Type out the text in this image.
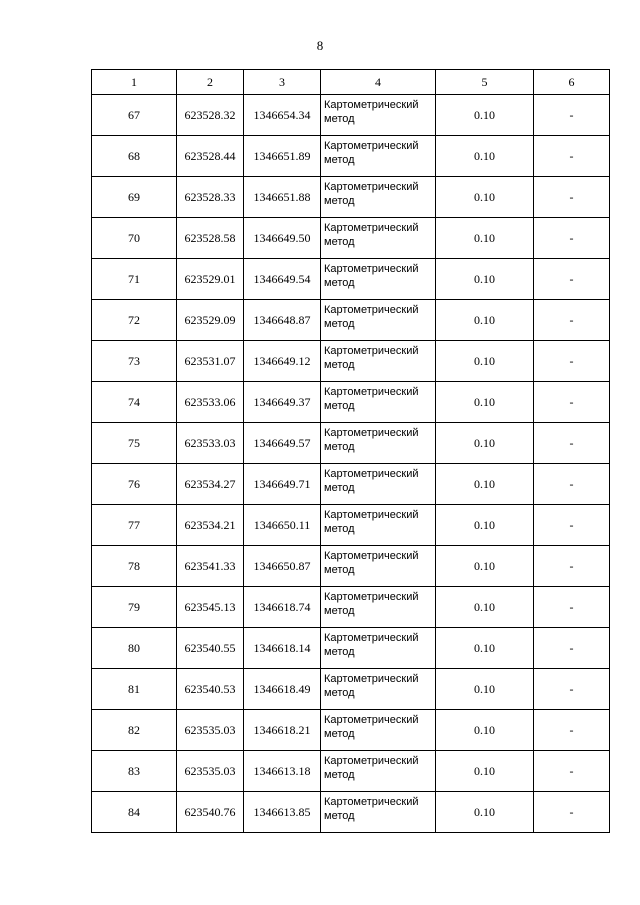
8
1	2	3	4	5	6
67	623528.32	1346654.34	Картометрический метод	0.10	-
68	623528.44	1346651.89	Картометрический метод	0.10	-
69	623528.33	1346651.88	Картометрический метод	0.10	-
70	623528.58	1346649.50	Картометрический метод	0.10	-
71	623529.01	1346649.54	Картометрический метод	0.10	-
72	623529.09	1346648.87	Картометрический метод	0.10	-
73	623531.07	1346649.12	Картометрический метод	0.10	-
74	623533.06	1346649.37	Картометрический метод	0.10	-
75	623533.03	1346649.57	Картометрический метод	0.10	-
76	623534.27	1346649.71	Картометрический метод	0.10	-
77	623534.21	1346650.11	Картометрический метод	0.10	-
78	623541.33	1346650.87	Картометрический метод	0.10	-
79	623545.13	1346618.74	Картометрический метод	0.10	-
80	623540.55	1346618.14	Картометрический метод	0.10	-
81	623540.53	1346618.49	Картометрический метод	0.10	-
82	623535.03	1346618.21	Картометрический метод	0.10	-
83	623535.03	1346613.18	Картометрический метод	0.10	-
84	623540.76	1346613.85	Картометрический метод	0.10	-
